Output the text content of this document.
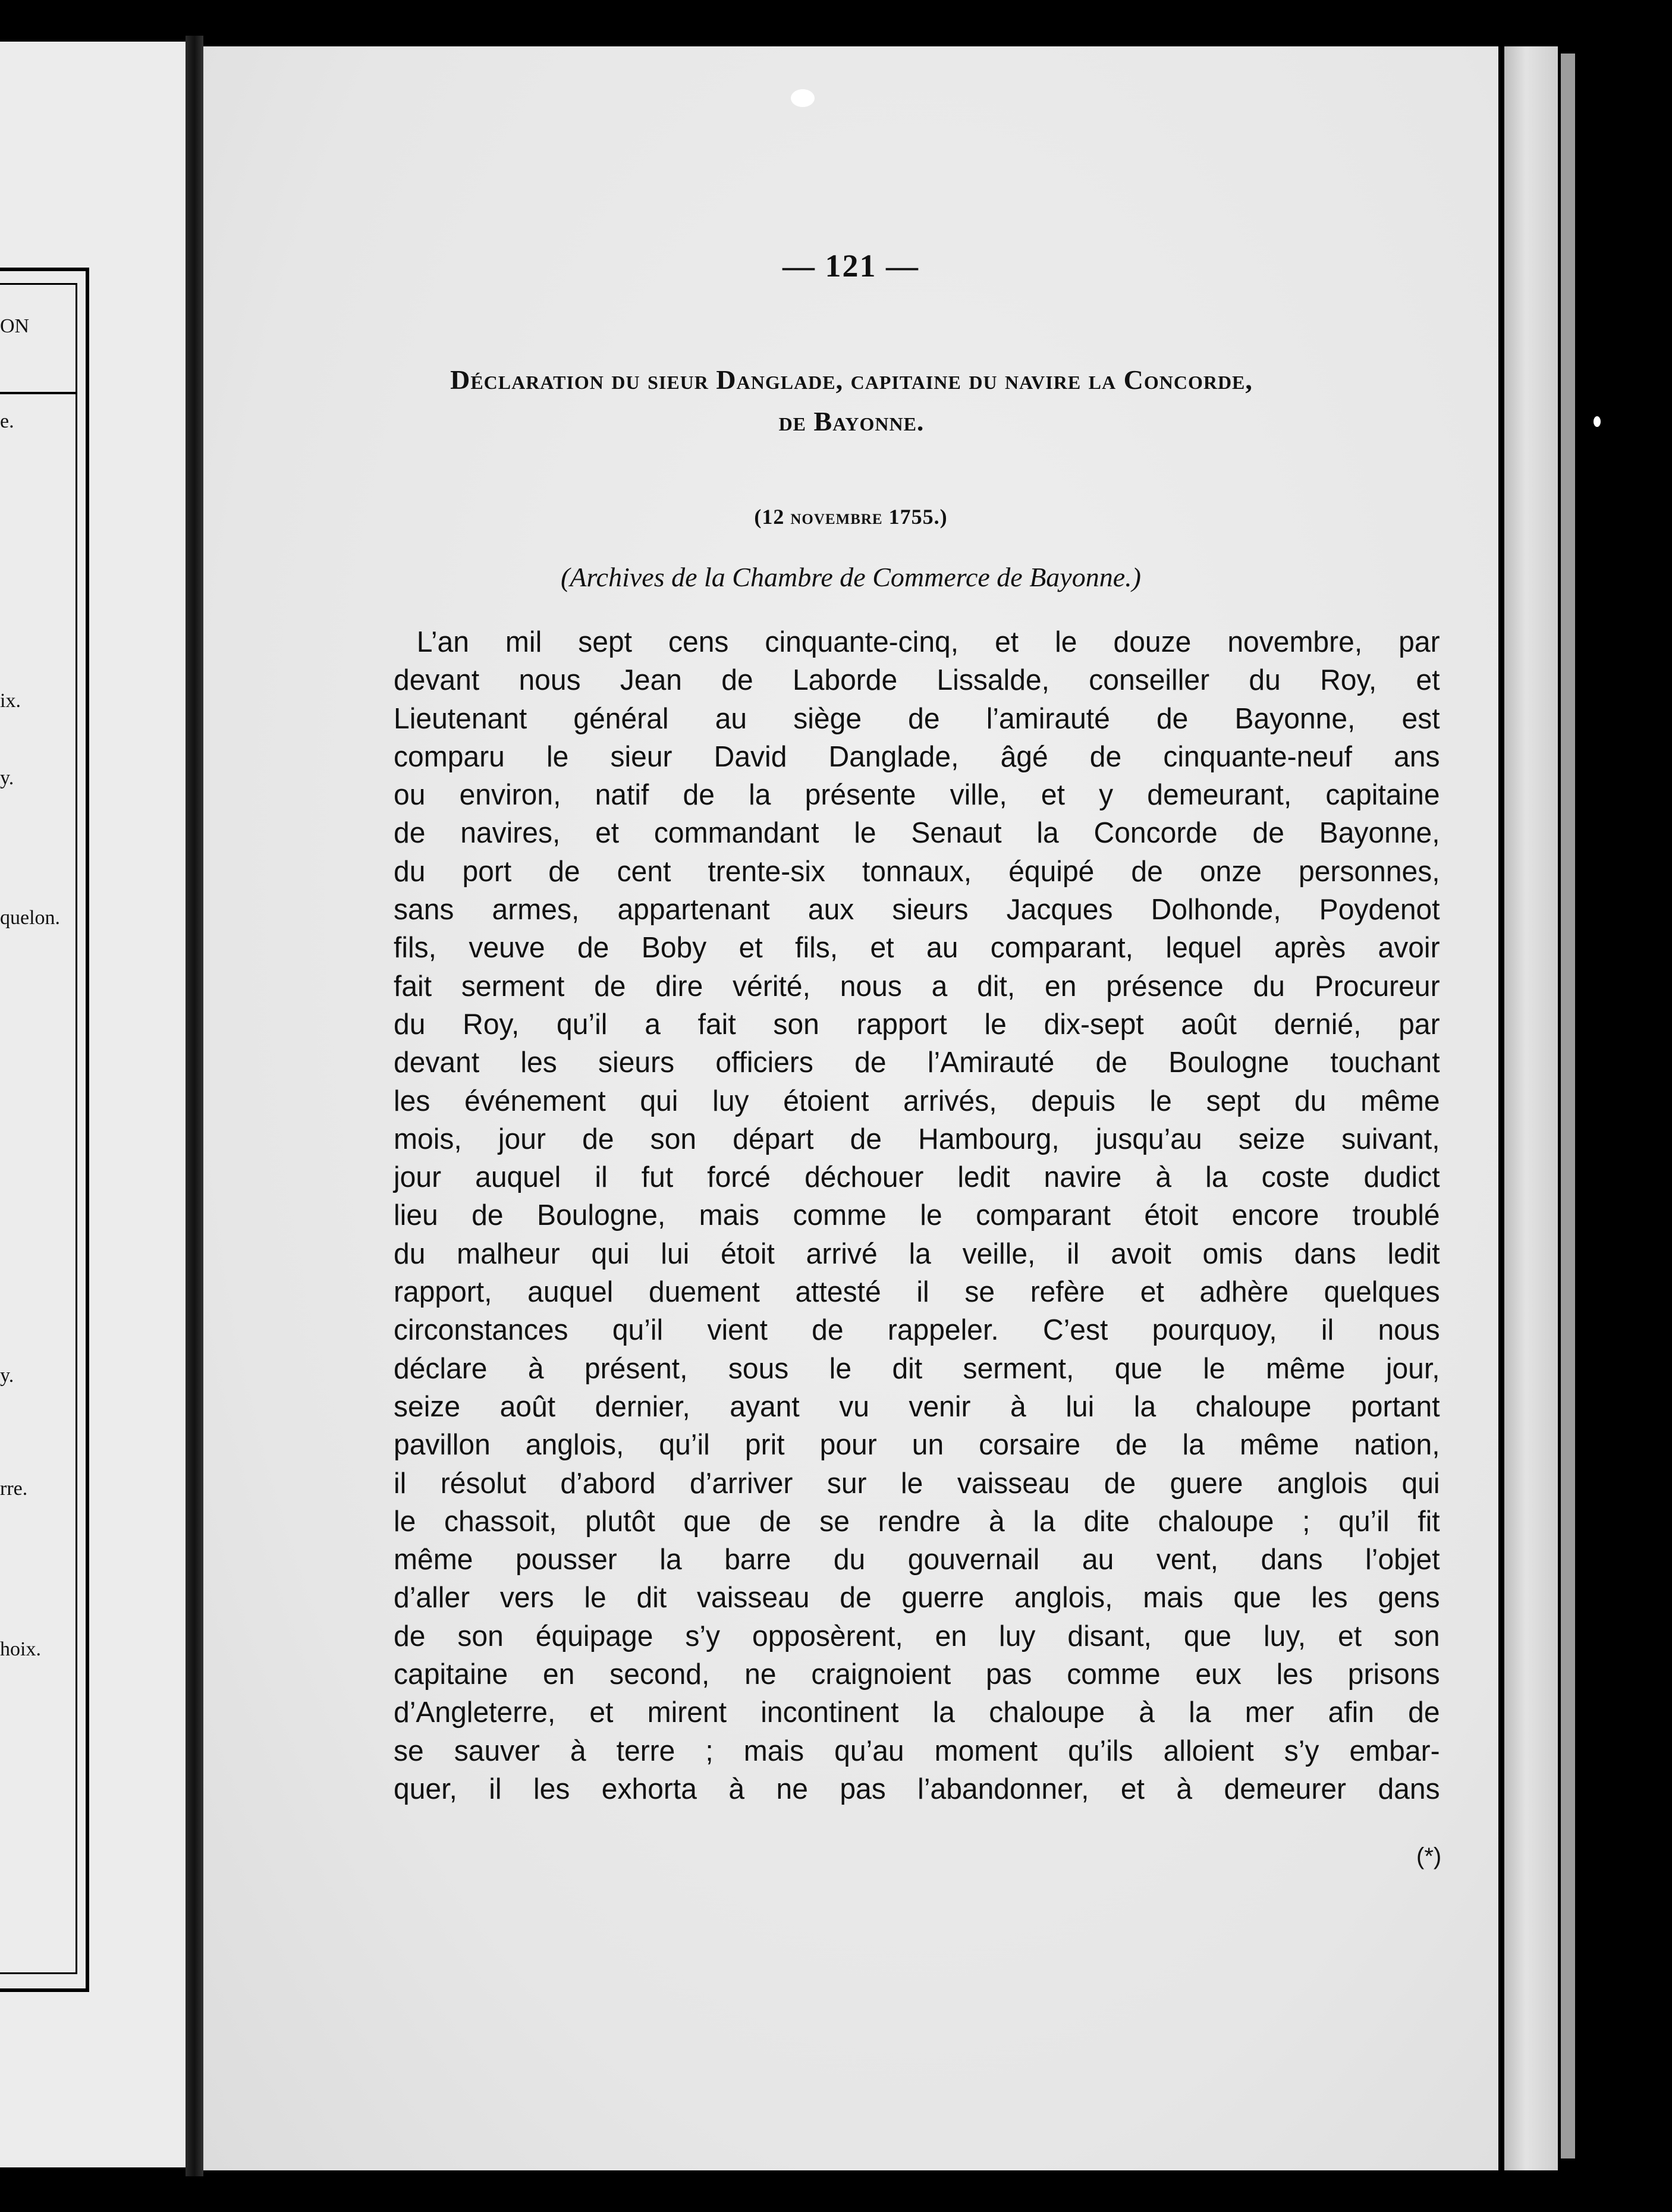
ON
e.
ix.
y.
quelon.
y.
rre.
hoix.
— 121 —
Déclaration du sieur Danglade, capitaine du navire la Concorde,
de Bayonne.
(12 novembre 1755.)
(Archives de la Chambre de Commerce de Bayonne.)

L’an mil sept cens cinquante-cinq, et le douze novembre, par
devant nous Jean de Laborde Lissalde, conseiller du Roy, et
Lieutenant général au siège de l’amirauté de Bayonne, est
comparu le sieur David Danglade, âgé de cinquante-neuf ans
ou environ, natif de la présente ville, et y demeurant, capitaine
de navires, et commandant le Senaut la Concorde de Bayonne,
du port de cent trente-six tonnaux, équipé de onze personnes,
sans armes, appartenant aux sieurs Jacques Dolhonde, Poydenot
fils, veuve de Boby et fils, et au comparant, lequel après avoir
fait serment de dire vérité, nous a dit, en présence du Procureur
du Roy, qu’il a fait son rapport le dix-sept août dernié, par
devant les sieurs officiers de l’Amirauté de Boulogne touchant
les événement qui luy étoient arrivés, depuis le sept du même
mois, jour de son départ de Hambourg, jusqu’au seize suivant,
jour auquel il fut forcé déchouer ledit navire à la coste dudict
lieu de Boulogne, mais comme le comparant étoit encore troublé
du malheur qui lui étoit arrivé la veille, il avoit omis dans ledit
rapport, auquel duement attesté il se refère et adhère quelques
circonstances qu’il vient de rappeler. C’est pourquoy, il nous
déclare à présent, sous le dit serment, que le même jour,
seize août dernier, ayant vu venir à lui la chaloupe portant
pavillon anglois, qu’il prit pour un corsaire de la même nation,
il résolut d’abord d’arriver sur le vaisseau de guere anglois qui
le chassoit, plutôt que de se rendre à la dite chaloupe ; qu’il fit
même pousser la barre du gouvernail au vent, dans l’objet
d’aller vers le dit vaisseau de guerre anglois, mais que les gens
de son équipage s’y opposèrent, en luy disant, que luy, et son
capitaine en second, ne craignoient pas comme eux les prisons
d’Angleterre, et mirent incontinent la chaloupe à la mer afin de
se sauver à terre ; mais qu’au moment qu’ils alloient s’y embar-
quer, il les exhorta à ne pas l’abandonner, et à demeurer dans

(*)
